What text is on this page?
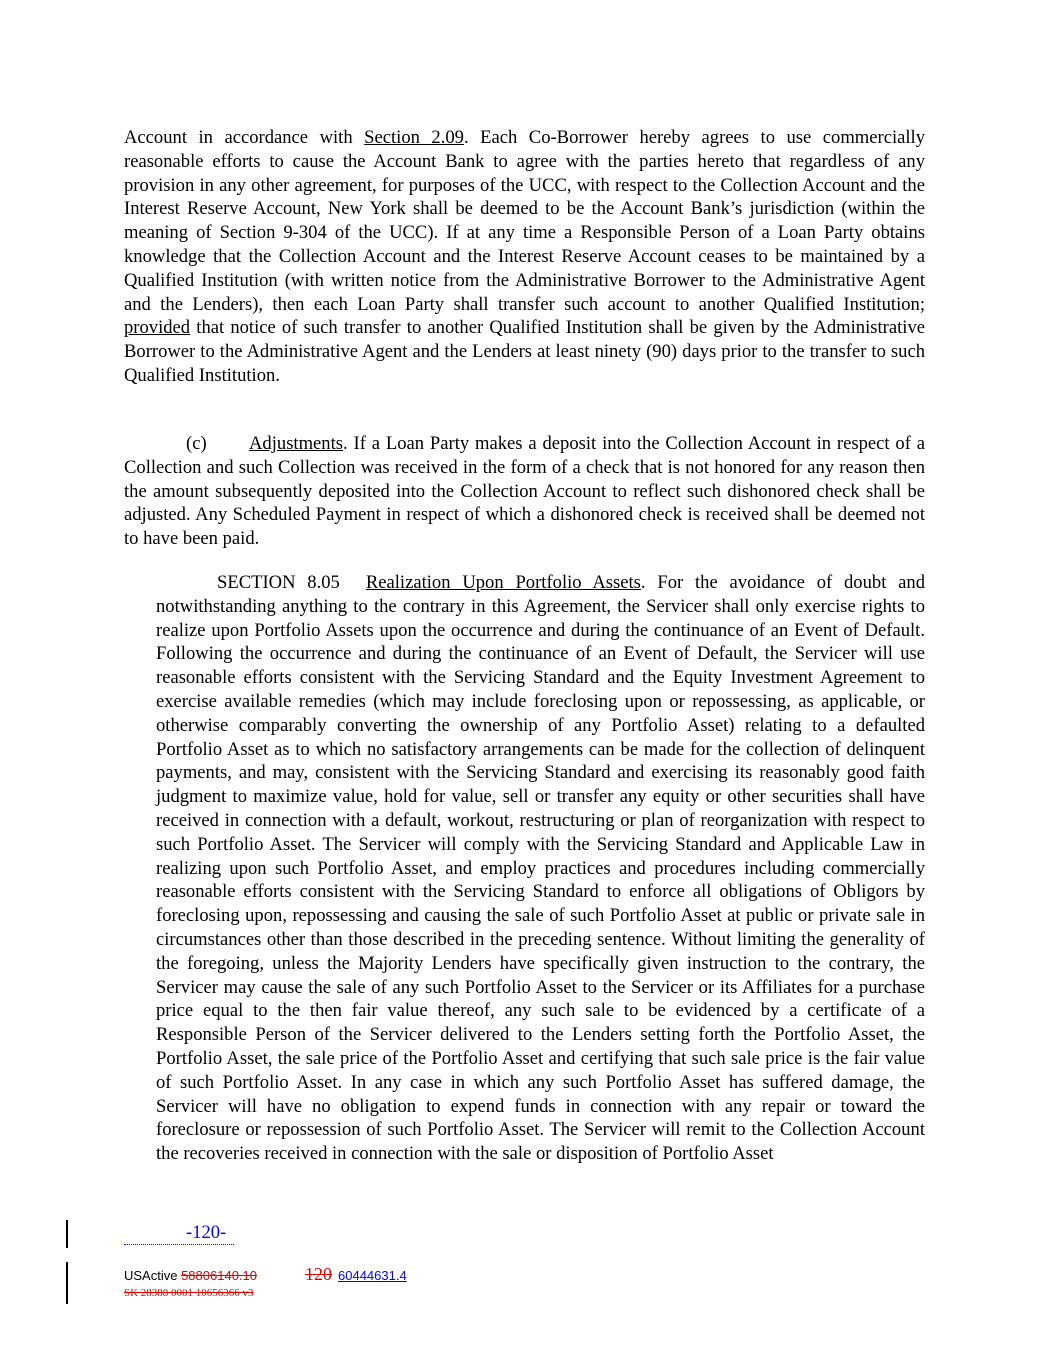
Account in accordance with Section 2.09. Each Co-Borrower hereby agrees to use commercially reasonable efforts to cause the Account Bank to agree with the parties hereto that regardless of any provision in any other agreement, for purposes of the UCC, with respect to the Collection Account and the Interest Reserve Account, New York shall be deemed to be the Account Bank’s jurisdiction (within the meaning of Section 9-304 of the UCC). If at any time a Responsible Person of a Loan Party obtains knowledge that the Collection Account and the Interest Reserve Account ceases to be maintained by a Qualified Institution (with written notice from the Administrative Borrower to the Administrative Agent and the Lenders), then each Loan Party shall transfer such account to another Qualified Institution; provided that notice of such transfer to another Qualified Institution shall be given by the Administrative Borrower to the Administrative Agent and the Lenders at least ninety (90) days prior to the transfer to such Qualified Institution.
(c) Adjustments. If a Loan Party makes a deposit into the Collection Account in respect of a Collection and such Collection was received in the form of a check that is not honored for any reason then the amount subsequently deposited into the Collection Account to reflect such dishonored check shall be adjusted. Any Scheduled Payment in respect of which a dishonored check is received shall be deemed not to have been paid.
SECTION 8.05 Realization Upon Portfolio Assets. For the avoidance of doubt and notwithstanding anything to the contrary in this Agreement, the Servicer shall only exercise rights to realize upon Portfolio Assets upon the occurrence and during the continuance of an Event of Default. Following the occurrence and during the continuance of an Event of Default, the Servicer will use reasonable efforts consistent with the Servicing Standard and the Equity Investment Agreement to exercise available remedies (which may include foreclosing upon or repossessing, as applicable, or otherwise comparably converting the ownership of any Portfolio Asset) relating to a defaulted Portfolio Asset as to which no satisfactory arrangements can be made for the collection of delinquent payments, and may, consistent with the Servicing Standard and exercising its reasonably good faith judgment to maximize value, hold for value, sell or transfer any equity or other securities shall have received in connection with a default, workout, restructuring or plan of reorganization with respect to such Portfolio Asset. The Servicer will comply with the Servicing Standard and Applicable Law in realizing upon such Portfolio Asset, and employ practices and procedures including commercially reasonable efforts consistent with the Servicing Standard to enforce all obligations of Obligors by foreclosing upon, repossessing and causing the sale of such Portfolio Asset at public or private sale in circumstances other than those described in the preceding sentence. Without limiting the generality of the foregoing, unless the Majority Lenders have specifically given instruction to the contrary, the Servicer may cause the sale of any such Portfolio Asset to the Servicer or its Affiliates for a purchase price equal to the then fair value thereof, any such sale to be evidenced by a certificate of a Responsible Person of the Servicer delivered to the Lenders setting forth the Portfolio Asset, the Portfolio Asset, the sale price of the Portfolio Asset and certifying that such sale price is the fair value of such Portfolio Asset. In any case in which any such Portfolio Asset has suffered damage, the Servicer will have no obligation to expend funds in connection with any repair or toward the foreclosure or repossession of such Portfolio Asset. The Servicer will remit to the Collection Account the recoveries received in connection with the sale or disposition of Portfolio Asset
-120-
USActive 58806140.10	120 60444631.4
SK 28388 0001 10656366 v3
